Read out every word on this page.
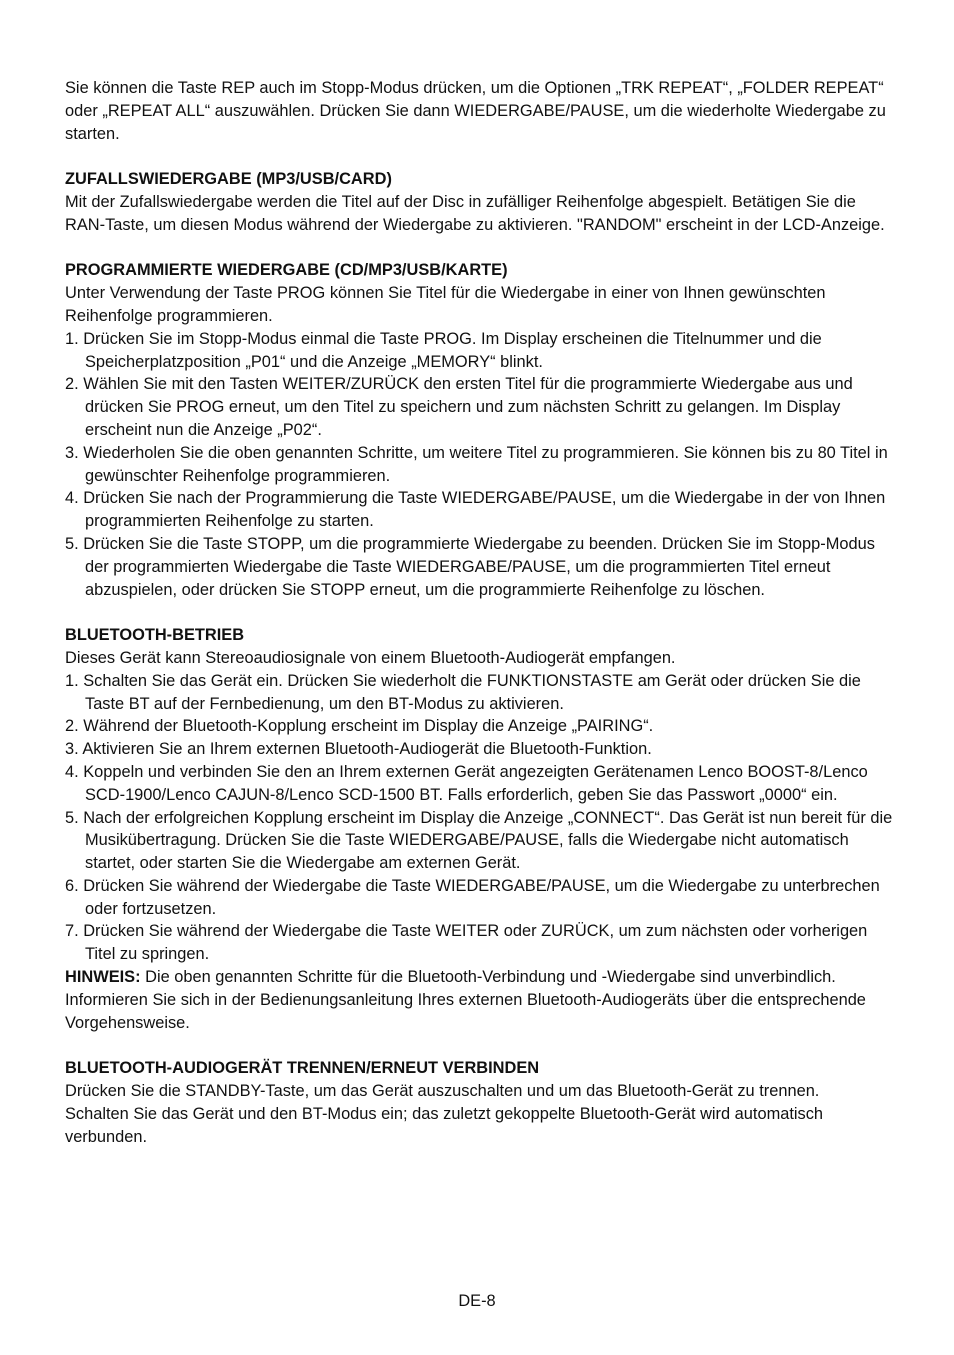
Sie können die Taste REP auch im Stopp-Modus drücken, um die Optionen „TRK REPEAT“, „FOLDER REPEAT“ oder „REPEAT ALL“ auszuwählen. Drücken Sie dann WIEDERGABE/PAUSE, um die wiederholte Wiedergabe zu starten.

ZUFALLSWIEDERGABE (MP3/USB/CARD)

Mit der Zufallswiedergabe werden die Titel auf der Disc in zufälliger Reihenfolge abgespielt. Betätigen Sie die RAN-Taste, um diesen Modus während der Wiedergabe zu aktivieren. "RANDOM" erscheint in der LCD-Anzeige.

PROGRAMMIERTE WIEDERGABE (CD/MP3/USB/KARTE)

Unter Verwendung der Taste PROG können Sie Titel für die Wiedergabe in einer von Ihnen gewünschten Reihenfolge programmieren.

1. Drücken Sie im Stopp-Modus einmal die Taste PROG. Im Display erscheinen die Titelnummer und die Speicherplatzposition „P01“ und die Anzeige „MEMORY“ blinkt.

2. Wählen Sie mit den Tasten WEITER/ZURÜCK den ersten Titel für die programmierte Wiedergabe aus und drücken Sie PROG erneut, um den Titel zu speichern und zum nächsten Schritt zu gelangen. Im Display erscheint nun die Anzeige „P02“.

3. Wiederholen Sie die oben genannten Schritte, um weitere Titel zu programmieren. Sie können bis zu 80 Titel in gewünschter Reihenfolge programmieren.

4. Drücken Sie nach der Programmierung die Taste WIEDERGABE/PAUSE, um die Wiedergabe in der von Ihnen programmierten Reihenfolge zu starten.

5. Drücken Sie die Taste STOPP, um die programmierte Wiedergabe zu beenden. Drücken Sie im Stopp-Modus der programmierten Wiedergabe die Taste WIEDERGABE/PAUSE, um die programmierten Titel erneut abzuspielen, oder drücken Sie STOPP erneut, um die programmierte Reihenfolge zu löschen.

BLUETOOTH-BETRIEB

Dieses Gerät kann Stereoaudiosignale von einem Bluetooth-Audiogerät empfangen.

1. Schalten Sie das Gerät ein. Drücken Sie wiederholt die FUNKTIONSTASTE am Gerät oder drücken Sie die Taste BT auf der Fernbedienung, um den BT-Modus zu aktivieren.

2. Während der Bluetooth-Kopplung erscheint im Display die Anzeige „PAIRING“.

3. Aktivieren Sie an Ihrem externen Bluetooth-Audiogerät die Bluetooth-Funktion.

4. Koppeln und verbinden Sie den an Ihrem externen Gerät angezeigten Gerätenamen Lenco BOOST-8/Lenco SCD-1900/Lenco CAJUN-8/Lenco SCD-1500 BT. Falls erforderlich, geben Sie das Passwort „0000“ ein.

5. Nach der erfolgreichen Kopplung erscheint im Display die Anzeige „CONNECT“. Das Gerät ist nun bereit für die Musikübertragung. Drücken Sie die Taste WIEDERGABE/PAUSE, falls die Wiedergabe nicht automatisch startet, oder starten Sie die Wiedergabe am externen Gerät.

6. Drücken Sie während der Wiedergabe die Taste WIEDERGABE/PAUSE, um die Wiedergabe zu unterbrechen oder fortzusetzen.

7. Drücken Sie während der Wiedergabe die Taste WEITER oder ZURÜCK, um zum nächsten oder vorherigen Titel zu springen.

HINWEIS: Die oben genannten Schritte für die Bluetooth-Verbindung und -Wiedergabe sind unverbindlich. Informieren Sie sich in der Bedienungsanleitung Ihres externen Bluetooth-Audiogeräts über die entsprechende Vorgehensweise.

BLUETOOTH-AUDIOGERÄT TRENNEN/ERNEUT VERBINDEN

Drücken Sie die STANDBY-Taste, um das Gerät auszuschalten und um das Bluetooth-Gerät zu trennen.

Schalten Sie das Gerät und den BT-Modus ein; das zuletzt gekoppelte Bluetooth-Gerät wird automatisch verbunden.

DE-8
